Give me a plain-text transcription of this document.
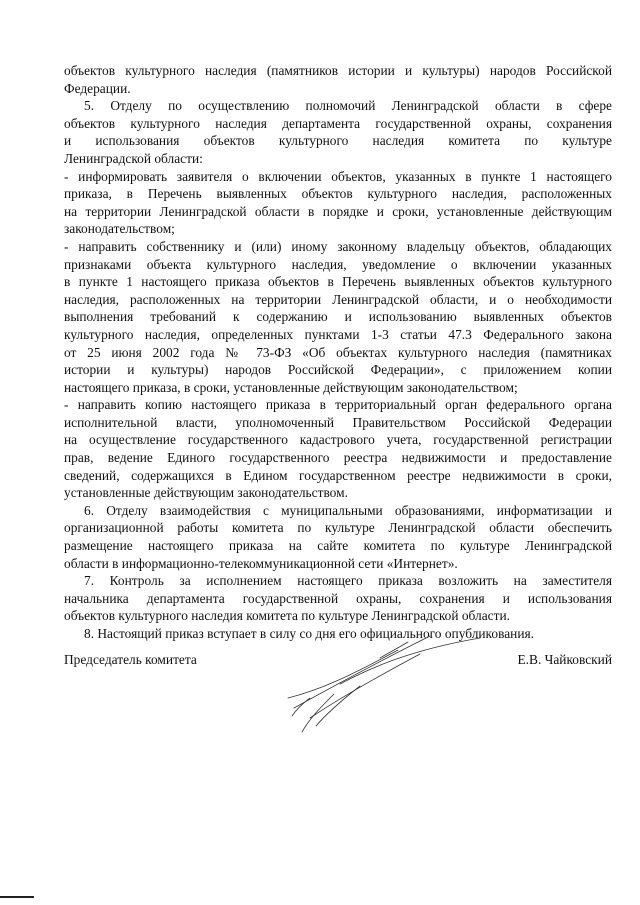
объектов культурного наследия (памятников истории и культуры) народов Российской
Федерации.

5. Отделу по осуществлению полномочий Ленинградской области в сфере

объектов культурного наследия департамента государственной охраны, сохранения
и использования объектов культурного наследия комитета по культуре
Ленинградской области:

- информировать заявителя о включении объектов, указанных в пункте 1 настоящего
приказа, в Перечень выявленных объектов культурного наследия, расположенных
на территории Ленинградской области в порядке и сроки, установленные действующим
законодательством;

- направить собственнику и (или) иному законному владельцу объектов, обладающих
признаками объекта культурного наследия, уведомление о включении указанных
в пункте 1 настоящего приказа объектов в Перечень выявленных объектов культурного
наследия, расположенных на территории Ленинградской области, и о необходимости
выполнения требований к содержанию и использованию выявленных объектов
культурного наследия, определенных пунктами 1-3 статьи 47.3 Федерального закона
от 25 июня 2002 года № 73-ФЗ «Об объектах культурного наследия (памятниках
истории и культуры) народов Российской Федерации», с приложением копии
настоящего приказа, в сроки, установленные действующим законодательством;

- направить копию настоящего приказа в территориальный орган федерального органа
исполнительной власти, уполномоченный Правительством Российской Федерации
на осуществление государственного кадастрового учета, государственной регистрации
прав, ведение Единого государственного реестра недвижимости и предоставление
сведений, содержащихся в Едином государственном реестре недвижимости в сроки,
установленные действующим законодательством.

6. Отделу взаимодействия с муниципальными образованиями, информатизации и

организационной работы комитета по культуре Ленинградской области обеспечить
размещение настоящего приказа на сайте комитета по культуре Ленинградской
области в информационно-телекоммуникационной сети «Интернет».

7. Контроль за исполнением настоящего приказа возложить на заместителя

начальника департамента государственной охраны, сохранения и использования
объектов культурного наследия комитета по культуре Ленинградской области.

8. Настоящий приказ вступает в силу со дня его официального опубликования.

Председатель комитета	Е.В. Чайковский
